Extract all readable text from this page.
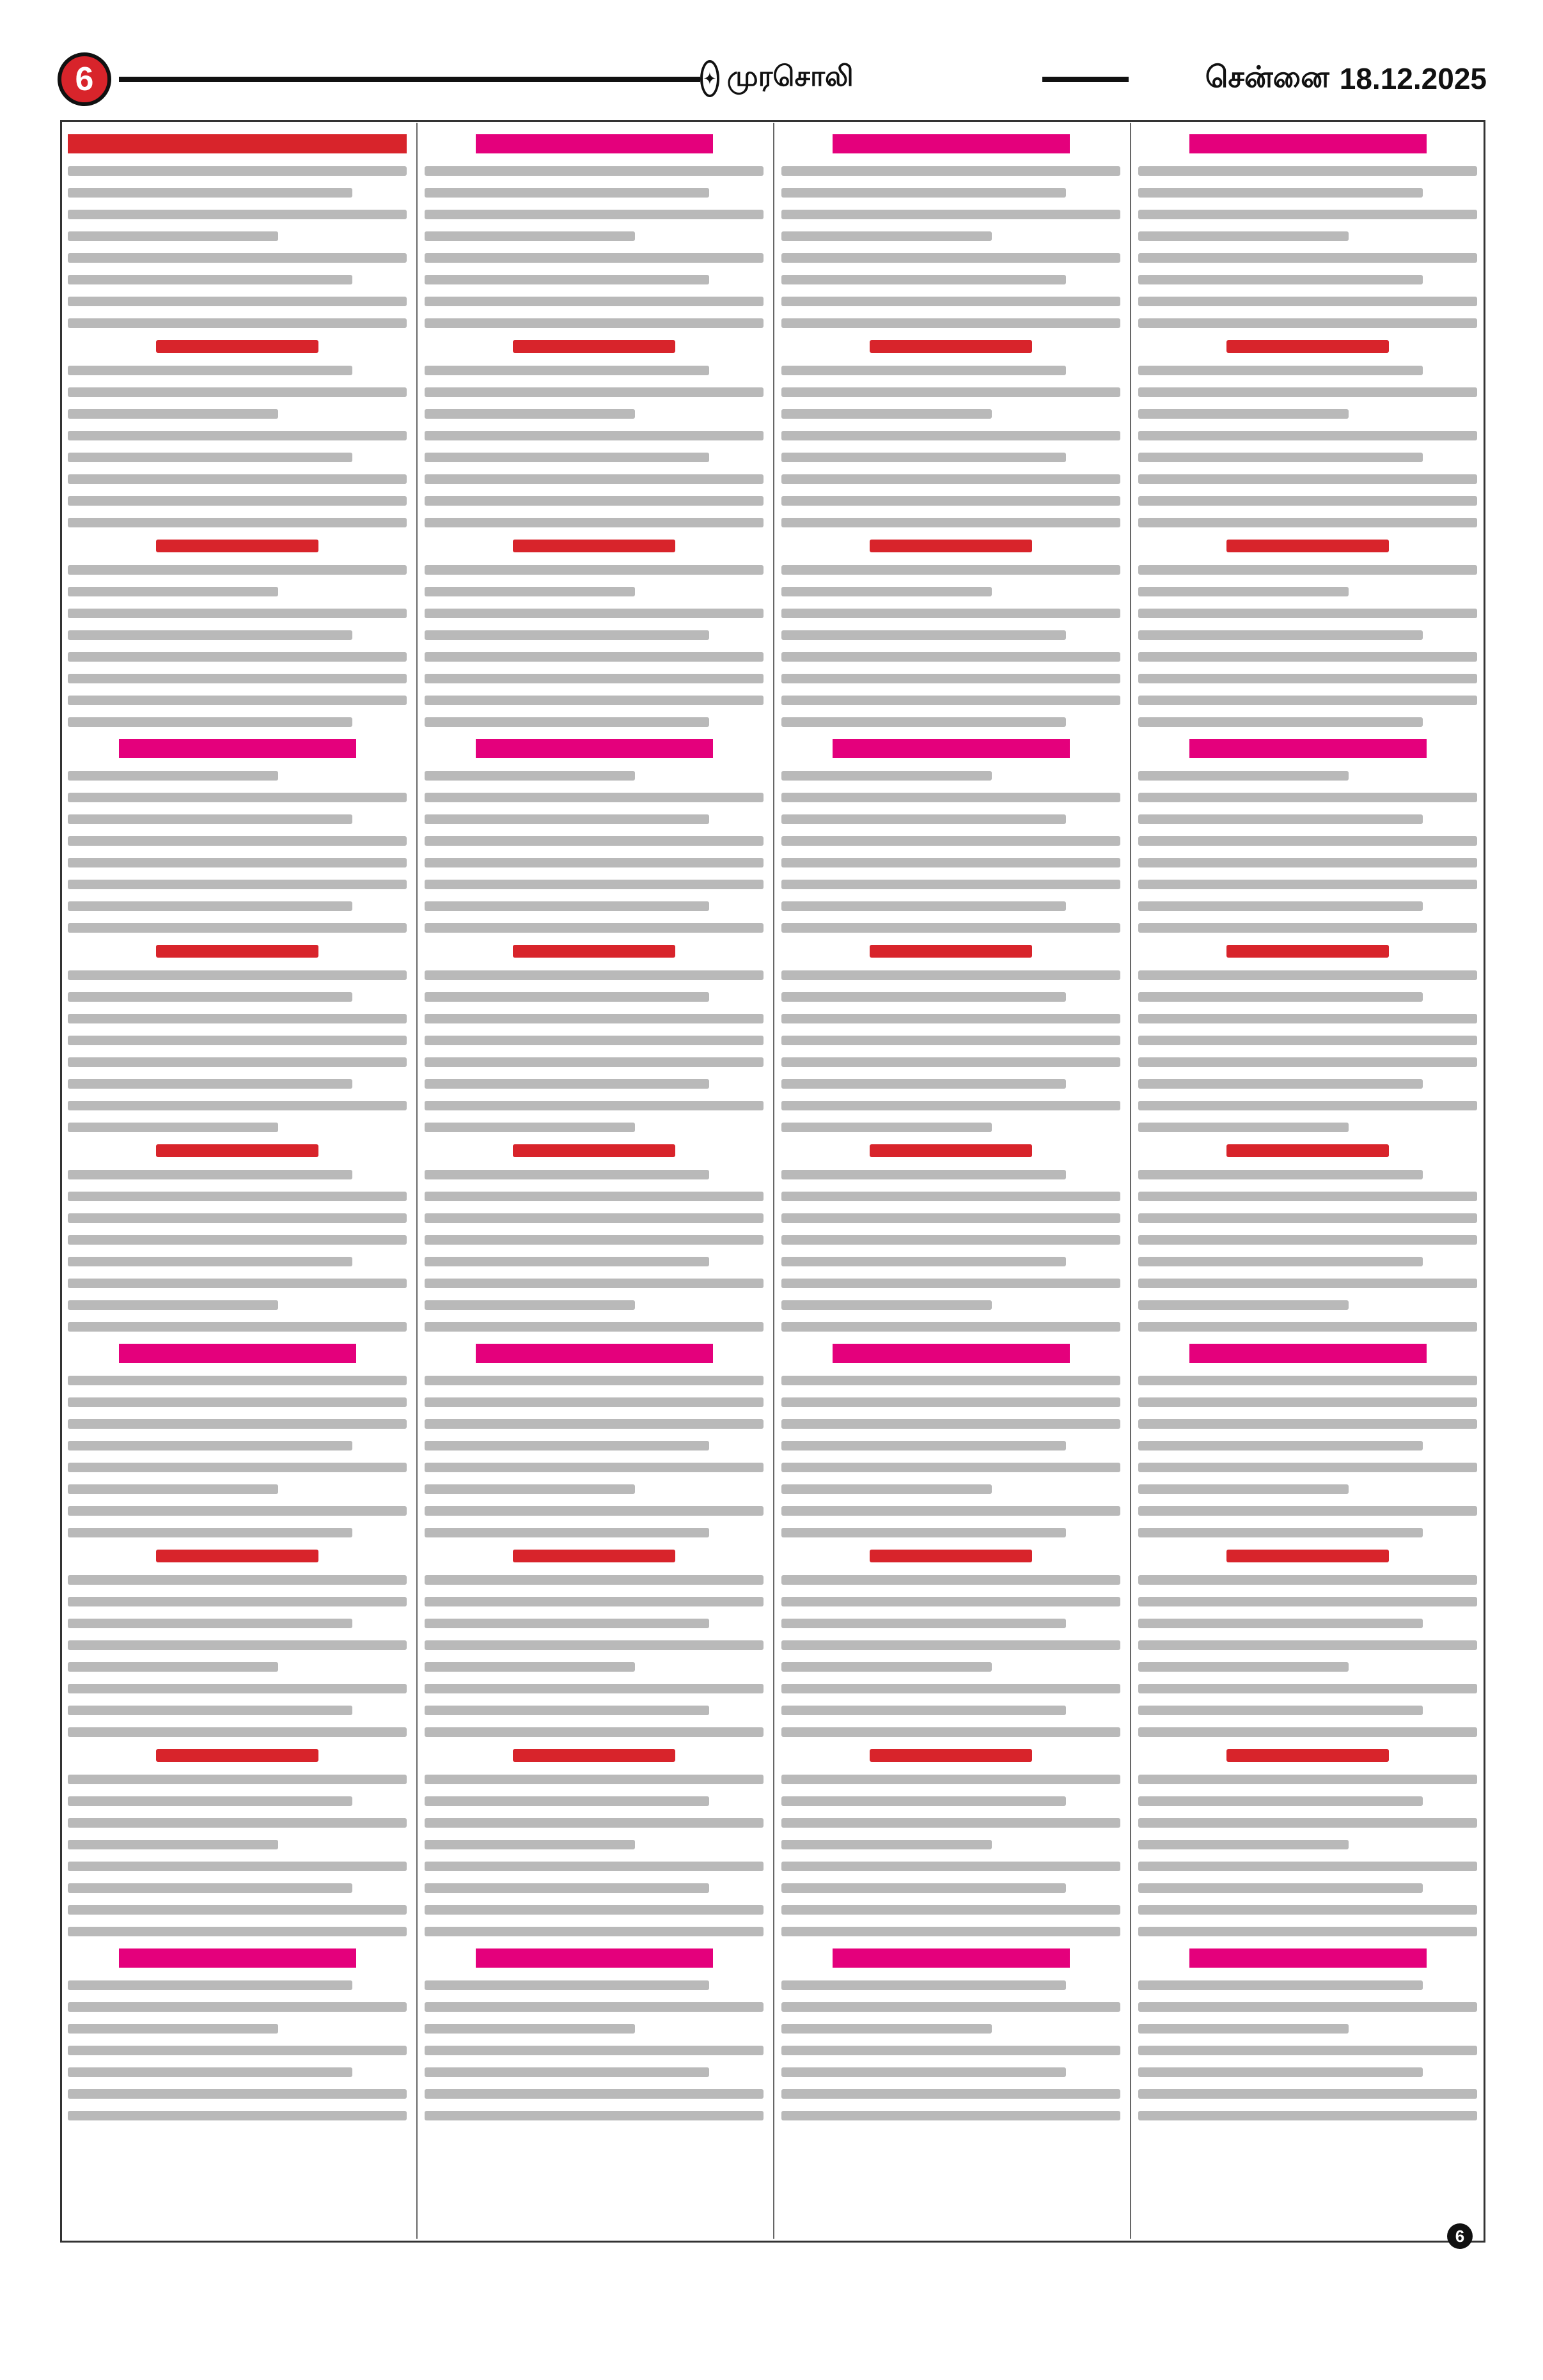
6	✦ முரசொலி	சென்னை 18.12.2025
6
